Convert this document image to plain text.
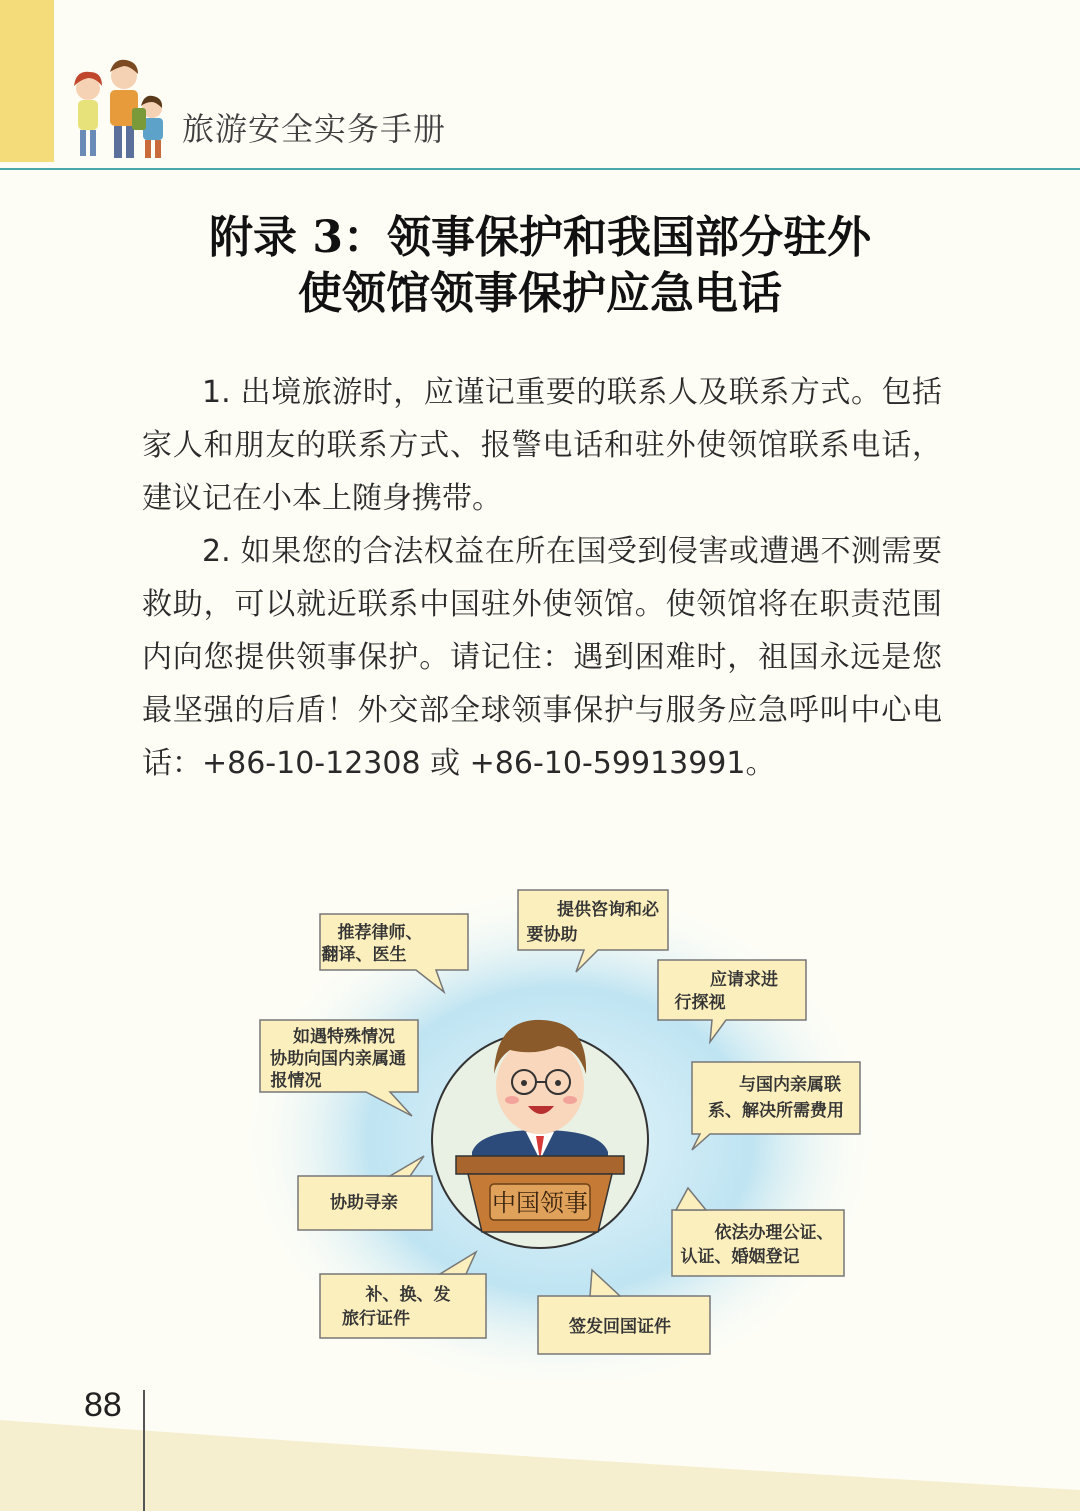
旅游安全实务手册
附录 3：领事保护和我国部分驻外
使领馆领事保护应急电话

1. 出境旅游时，应谨记重要的联系人及联系方式。包括家人和朋友的联系方式、报警电话和驻外使领馆联系电话，建议记在小本上随身携带。

2. 如果您的合法权益在所在国受到侵害或遭遇不测需要救助，可以就近联系中国驻外使领馆。使领馆将在职责范围内向您提供领事保护。请记住：遇到困难时，祖国永远是您最坚强的后盾！外交部全球领事保护与服务应急呼叫中心电话：+86-10-12308 或 +86-10-59913991。

中国领事
推荐律师、
翻译、医生
提供咨询和必
要协助
应请求进
行探视
如遇特殊情况
协助向国内亲属通
报情况	与国内亲属联
系、解决所需费用
协助寻亲
依法办理公证、
认证、婚姻登记
补、换、发
旅行证件	签发回国证件
88
